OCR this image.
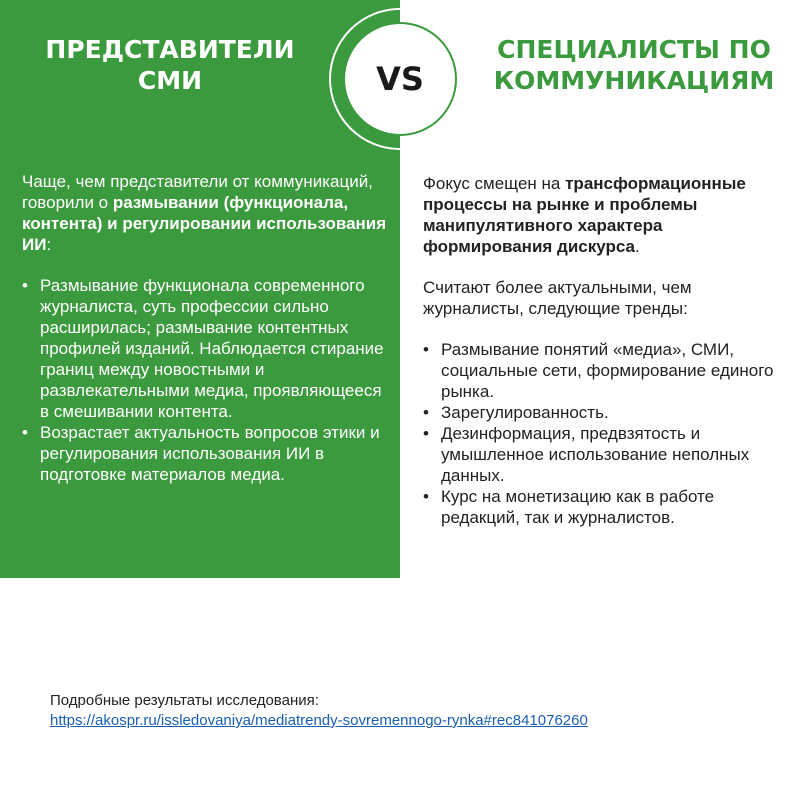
ПРЕДСТАВИТЕЛИ СМИ
СПЕЦИАЛИСТЫ ПО КОММУНИКАЦИЯМ
VS

Чаще, чем представители от коммуникаций, говорили о размывании (функционала, контента) и регулировании использования ИИ:

• Размывание функционала современного журналиста, суть профессии сильно расширилась; размывание контентных профилей изданий. Наблюдается стирание границ между новостными и развлекательными медиа, проявляющееся в смешивании контента.
• Возрастает актуальность вопросов этики и регулирования использования ИИ в подготовке материалов медиа.

Фокус смещен на трансформационные процессы на рынке и проблемы манипулятивного характера формирования дискурса.

Считают более актуальными, чем журналисты, следующие тренды:

• Размывание понятий «медиа», СМИ, социальные сети, формирование единого рынка.
• Зарегулированность.
• Дезинформация, предвзятость и умышленное использование неполных данных.
• Курс на монетизацию как в работе редакций, так и журналистов.
Подробные результаты исследования:
https://akospr.ru/issledovaniya/mediatrendy-sovremennogo-rynka#rec841076260
